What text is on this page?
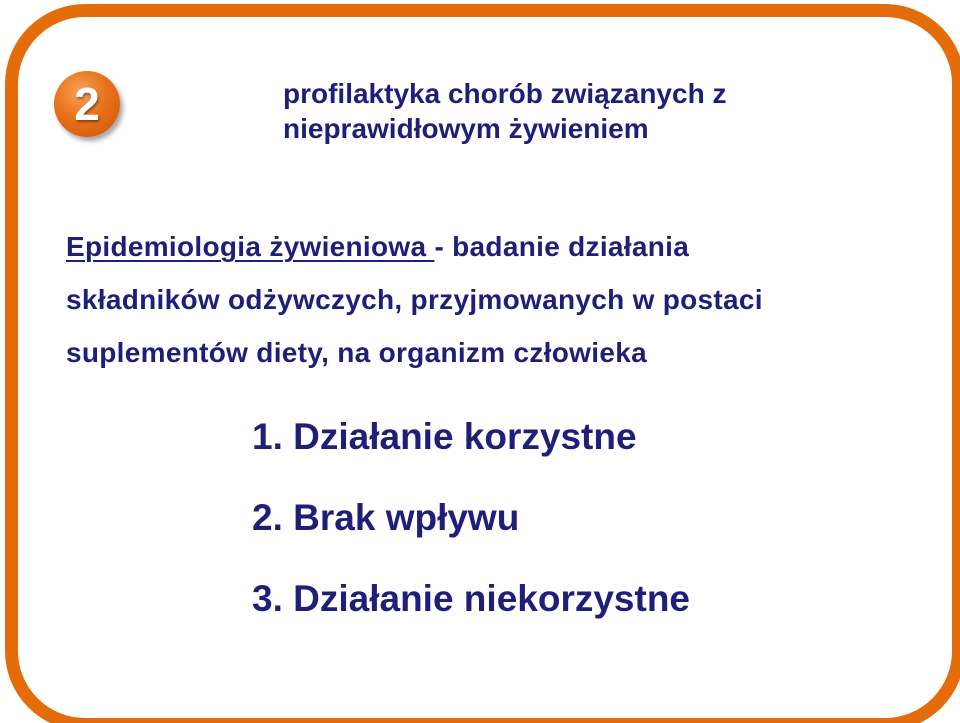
2	profilaktyka chorób związanych z
nieprawidłowym żywieniem
Epidemiologia żywieniowa - badanie działania
składników odżywczych, przyjmowanych w postaci
suplementów diety, na organizm człowieka
1. Działanie korzystne
2. Brak wpływu
3. Działanie niekorzystne
